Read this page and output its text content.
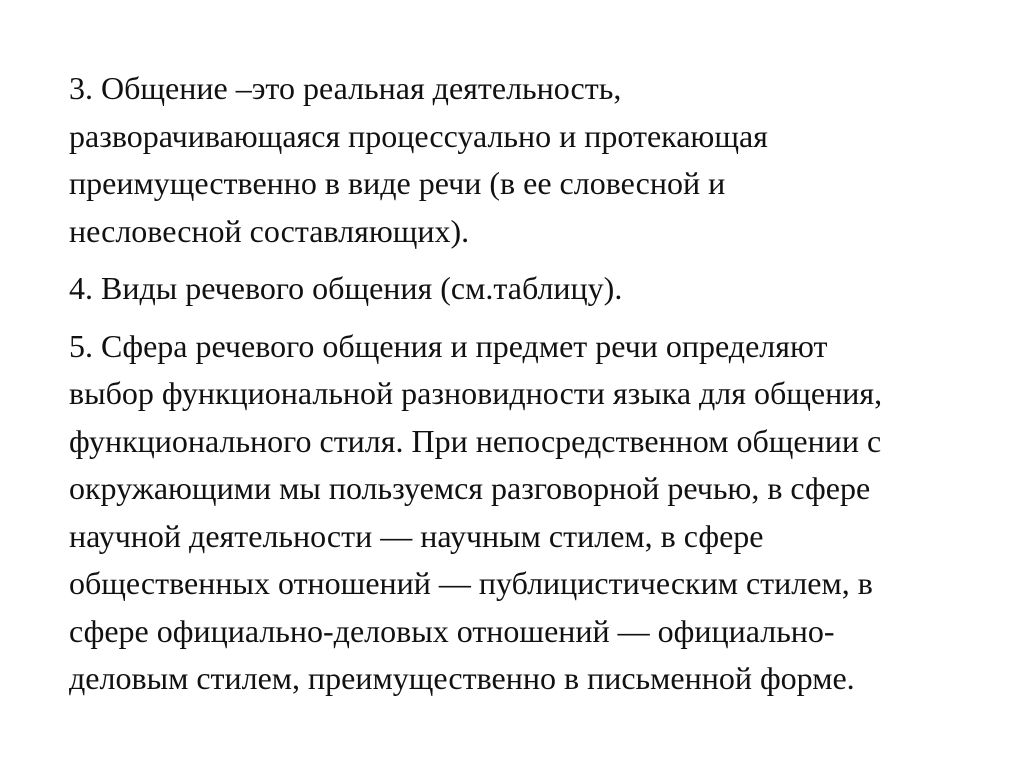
3. Общение –это реальная деятельность,
разворачивающаяся процессуально и протекающая
преимущественно в виде речи (в ее словесной и
несловесной составляющих).

4. Виды речевого общения (см.таблицу).

5. Сфера речевого общения и предмет речи определяют
выбор функциональной разновидности языка для общения,
функционального стиля. При непосредственном общении с
окружающими мы пользуемся разговорной речью, в сфере
научной деятельности — научным стилем, в сфере
общественных отношений — публицистическим стилем, в
сфере официально-деловых отношений — официально-
деловым стилем, преимущественно в письменной форме.
